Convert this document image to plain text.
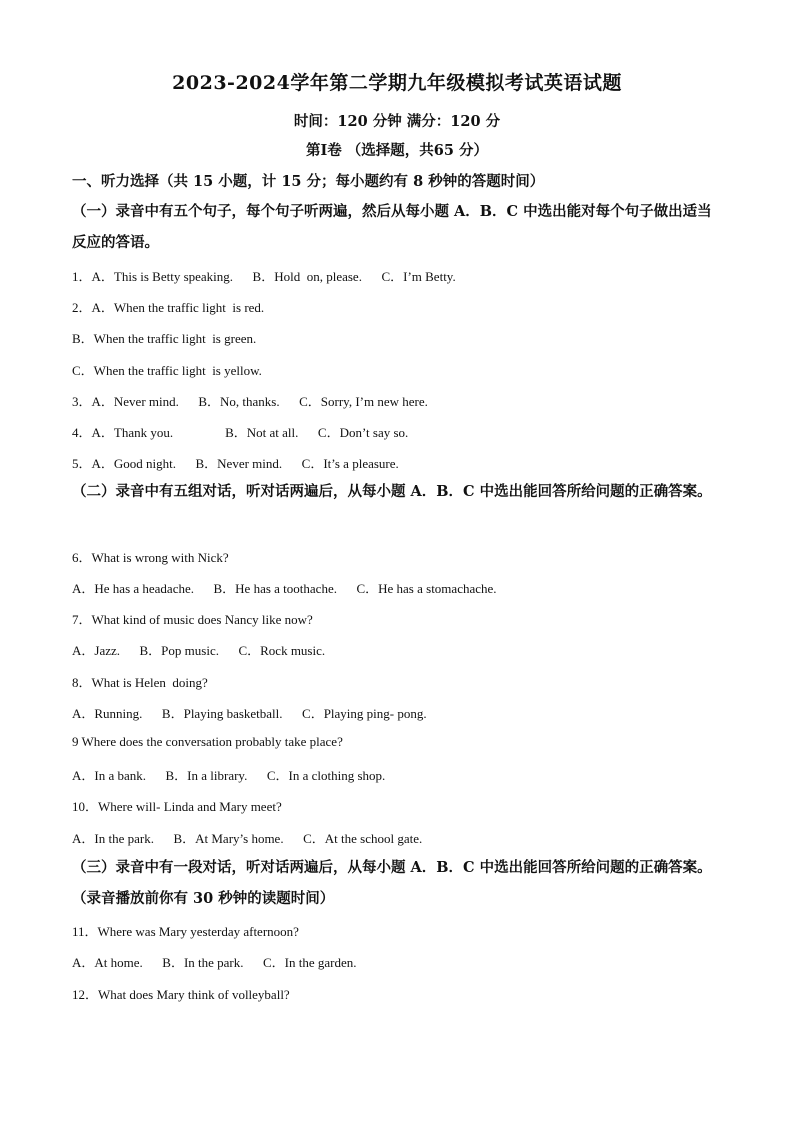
2023-2024学年第二学期九年级模拟考试英语试题
时间：120 分钟 满分：120 分
第Ⅰ卷 （选择题，共65 分）
一、听力选择（共 15 小题，计 15 分；每小题约有 8 秒钟的答题时间）
（一）录音中有五个句子，每个句子听两遍，然后从每小题 A．B．C 中选出能对每个句子做出适当反应的答语。
1．A．This is Betty speaking.      B．Hold  on, please.      C．I’m Betty.
2．A．When the traffic light  is red.
B．When the traffic light  is green.
C．When the traffic light  is yellow.
3．A．Never mind.      B．No, thanks.      C．Sorry, I’m new here.
4．A．Thank you.                B．Not at all.      C．Don’t say so.
5．A．Good night.      B．Never mind.      C．It’s a pleasure.
（二）录音中有五组对话，听对话两遍后，从每小题 A．B．C 中选出能回答所给问题的正确答案。
6．What is wrong with Nick?
A．He has a headache.      B．He has a toothache.      C．He has a stomachache.
7．What kind of music does Nancy like now?
A．Jazz.      B．Pop music.      C．Rock music.
8．What is Helen  doing?
A．Running.      B．Playing basketball.      C．Playing ping- pong.
9 Where does the conversation probably take place?
A．In a bank.      B．In a library.      C．In a clothing shop.
10．Where will- Linda and Mary meet?
A．In the park.      B．At Mary’s home.      C．At the school gate.
（三）录音中有一段对话，听对话两遍后，从每小题 A．B．C 中选出能回答所给问题的正确答案。（录音播放前你有 30 秒钟的读题时间）
11．Where was Mary yesterday afternoon?
A．At home.      B．In the park.      C．In the garden.
12．What does Mary think of volleyball?
